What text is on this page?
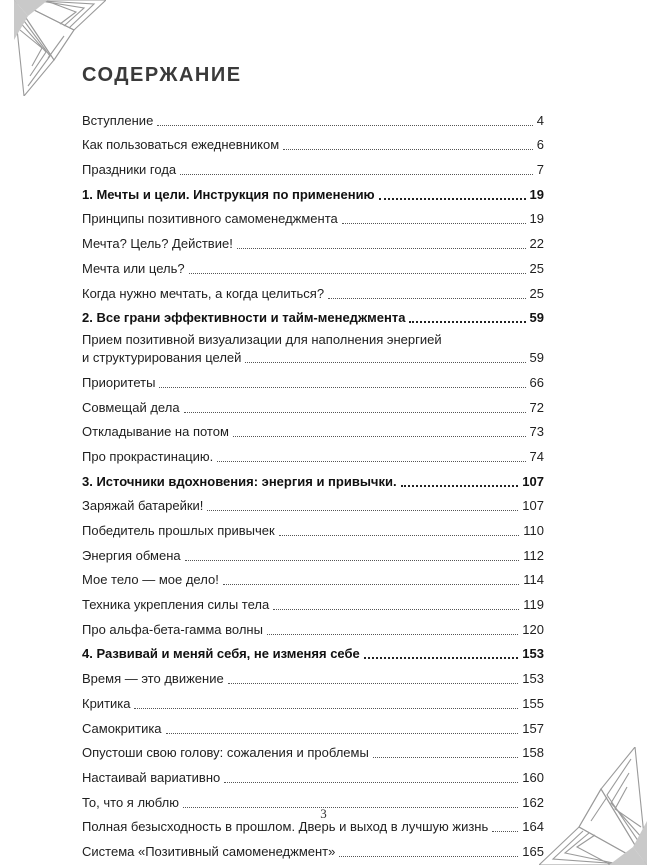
СОДЕРЖАНИЕ
Вступление	4
Как пользоваться ежедневником	6
Праздники года	7
1. Мечты и цели. Инструкция по применению	19
Принципы позитивного самоменеджмента	19
Мечта? Цель? Действие!	22
Мечта или цель?	25
Когда нужно мечтать, а когда целиться?	25
2. Все грани эффективности и тайм-менеджмента	59
Прием позитивной визуализации для наполнения энергией
и структурирования целей	59
Приоритеты	66
Совмещай дела	72
Откладывание на потом	73
Про прокрастинацию.	74
3. Источники вдохновения: энергия и привычки.	107
Заряжай батарейки!	107
Победитель прошлых привычек	110
Энергия обмена	112
Мое тело — мое дело!	114
Техника укрепления силы тела	119
Про альфа-бета-гамма волны	120
4. Развивай и меняй себя, не изменяя себе	153
Время — это движение	153
Критика	155
Самокритика	157
Опустоши свою голову: сожаления и проблемы	158
Настаивай вариативно	160
То, что я люблю	162
Полная безысходность в прошлом. Дверь и выход в лучшую жизнь	164
Система «Позитивный самоменеджмент»	165
3
